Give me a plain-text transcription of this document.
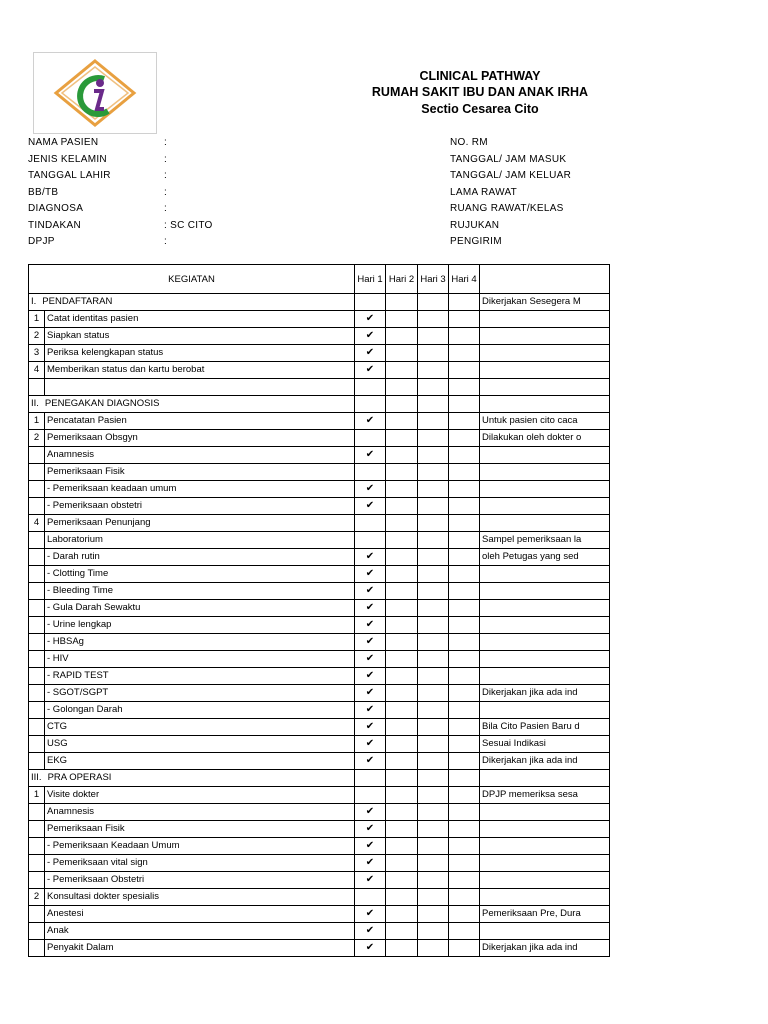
CLINICAL PATHWAY
RUMAH SAKIT IBU DAN ANAK IRHA
Sectio Cesarea Cito
NAMA PASIEN	:
JENIS KELAMIN	:
TANGGAL LAHIR	:
BB/TB	:
DIAGNOSA	:
TINDAKAN	: SC CITO
DPJP	:
NO. RM
TANGGAL/ JAM MASUK
TANGGAL/ JAM KELUAR
LAMA RAWAT
RUANG RAWAT/KELAS
RUJUKAN
PENGIRIM
KEGIATAN		Hari 1	Hari 2	Hari 3	Hari 4	
I. PENDAFTARAN						Dikerjakan Sesegera M
1	Catat identitas pasien	✔				
2	Siapkan status	✔				
3	Periksa kelengkapan status	✔				
4	Memberikan status dan kartu berobat	✔				

II. PENEGAKAN DIAGNOSIS						
1	Pencatatan Pasien	✔				Untuk pasien cito caca
2	Pemeriksaan Obsgyn					Dilakukan oleh dokter o
	Anamnesis	✔				
	Pemeriksaan Fisik					
	- Pemeriksaan keadaan umum	✔				
	- Pemeriksaan obstetri	✔				
4	Pemeriksaan Penunjang					
	Laboratorium					Sampel pemeriksaan la
	- Darah rutin	✔				oleh Petugas yang sed
	- Clotting Time	✔				
	- Bleeding Time	✔				
	- Gula Darah Sewaktu	✔				
	- Urine lengkap	✔				
	- HBSAg	✔				
	- HIV	✔				
	- RAPID TEST	✔				
	- SGOT/SGPT	✔				Dikerjakan jika ada ind
	- Golongan Darah	✔				
	CTG	✔				Bila Cito Pasien Baru d
	USG	✔				Sesuai Indikasi
	EKG	✔				Dikerjakan jika ada ind
III. PRA OPERASI						
1	Visite dokter					DPJP memeriksa sesa
	Anamnesis	✔				
	Pemeriksaan Fisik	✔				
	- Pemeriksaan Keadaan Umum	✔				
	- Pemeriksaan vital sign	✔				
	- Pemeriksaan Obstetri	✔				
2	Konsultasi dokter spesialis					
	Anestesi	✔				Pemeriksaan Pre, Dura
	Anak	✔				
	Penyakit Dalam	✔				Dikerjakan jika ada ind
